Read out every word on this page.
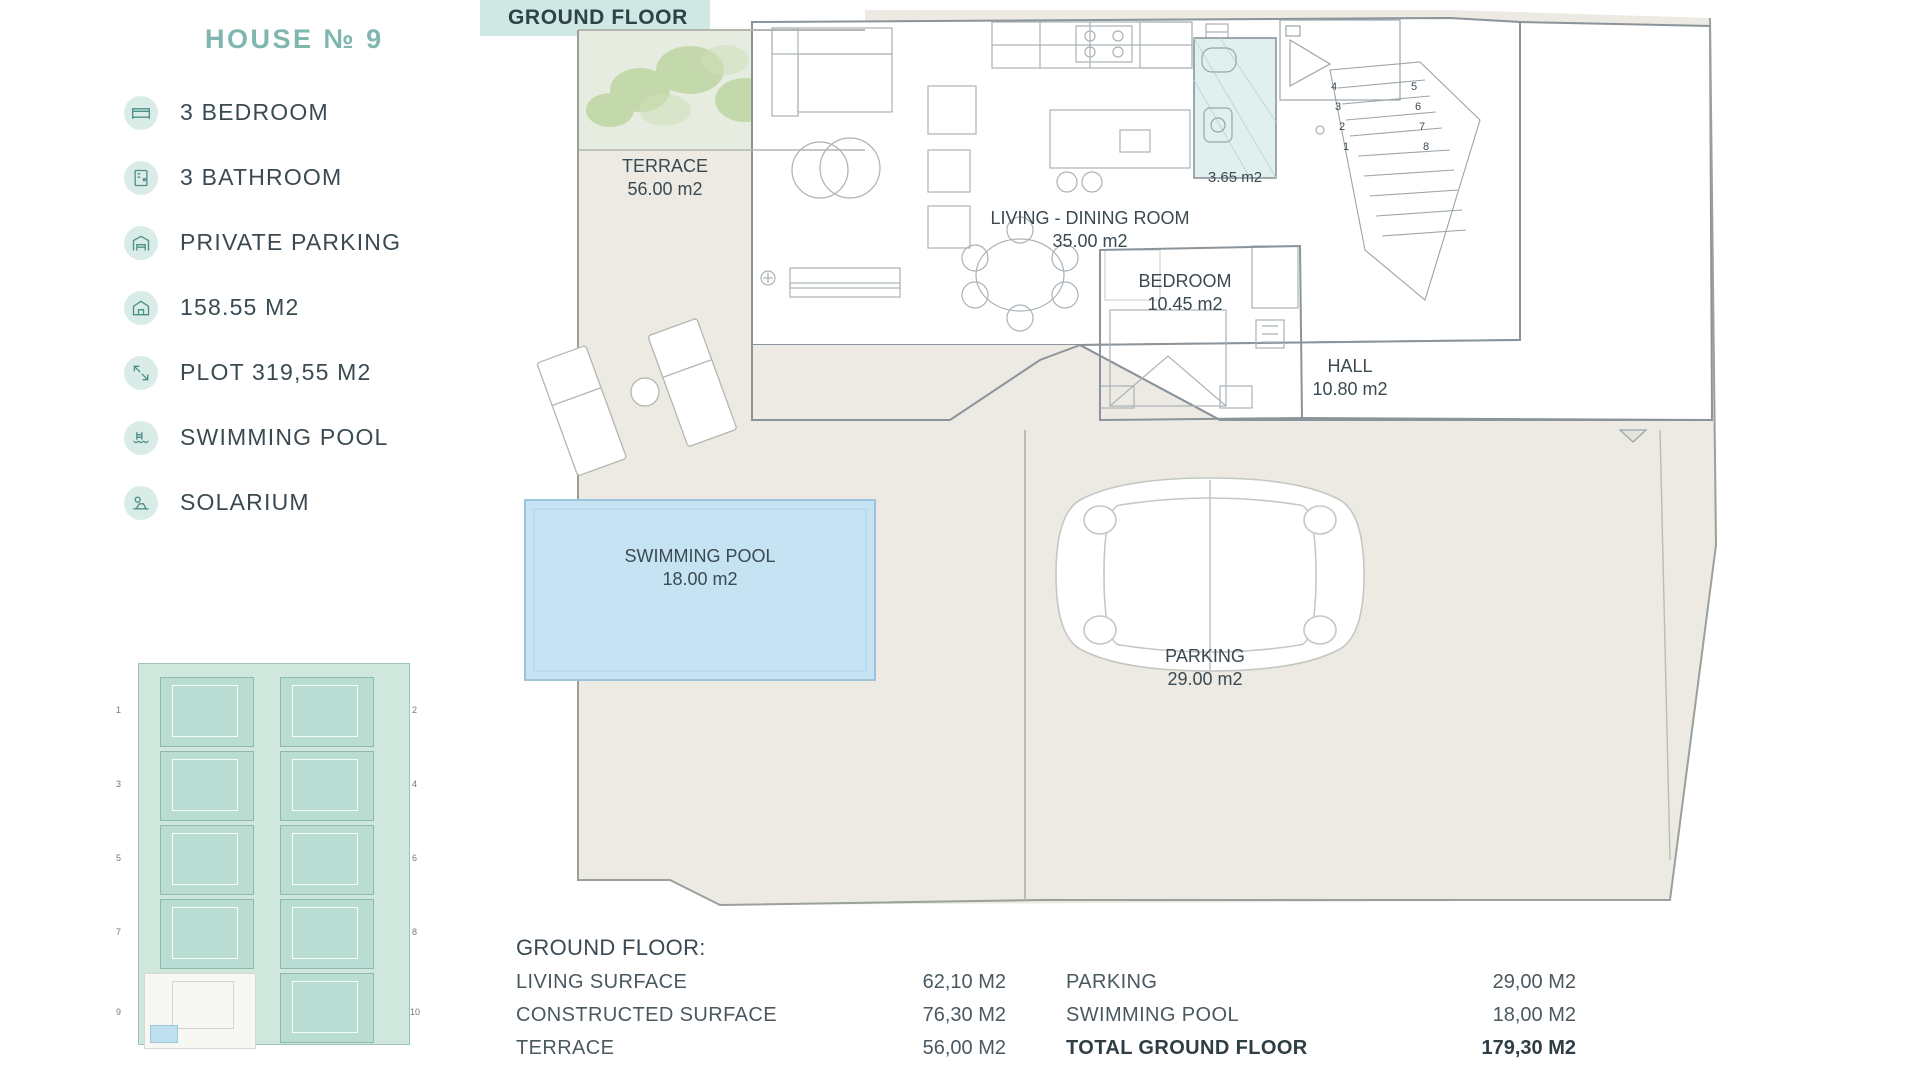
HOUSE № 9
3 BEDROOM
3 BATHROOM
PRIVATE PARKING
158.55 M2
PLOT 319,55 M2
SWIMMING POOL
SOLARIUM
1	2
3	4
5	6
7	8
9	10
GROUND FLOOR
TERRACE
56.00 m2
LIVING - DINING ROOM
35.00 m2
BEDROOM
10.45 m2
HALL
10.80 m2
SWIMMING POOL
18.00 m2
PARKING
29.00 m2
3.65 m2
4
3
2
1
5
6
7
8
GROUND FLOOR:
LIVING SURFACE	62,10 M2	PARKING	29,00 M2
CONSTRUCTED SURFACE	76,30 M2	SWIMMING POOL	18,00 M2
TERRACE	56,00 M2	TOTAL GROUND FLOOR	179,30 M2
